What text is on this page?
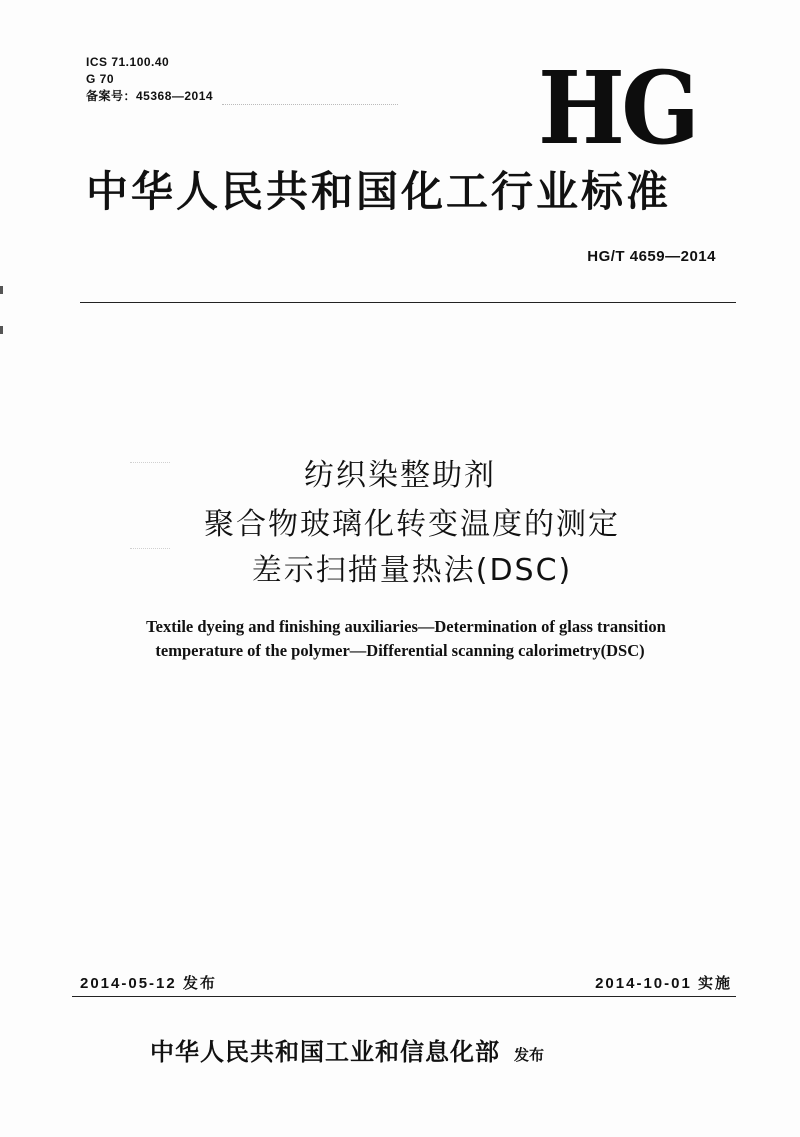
ICS 71.100.40
G 70
备案号：45368—2014	HG
中华人民共和国化工行业标准
HG/T 4659—2014
纺织染整助剂
聚合物玻璃化转变温度的测定
差示扫描量热法(DSC)
Textile dyeing and finishing auxiliaries—Determination of glass transition
temperature of the polymer—Differential scanning calorimetry(DSC)
2014-05-12 发布	2014-10-01 实施
中华人民共和国工业和信息化部 发布
